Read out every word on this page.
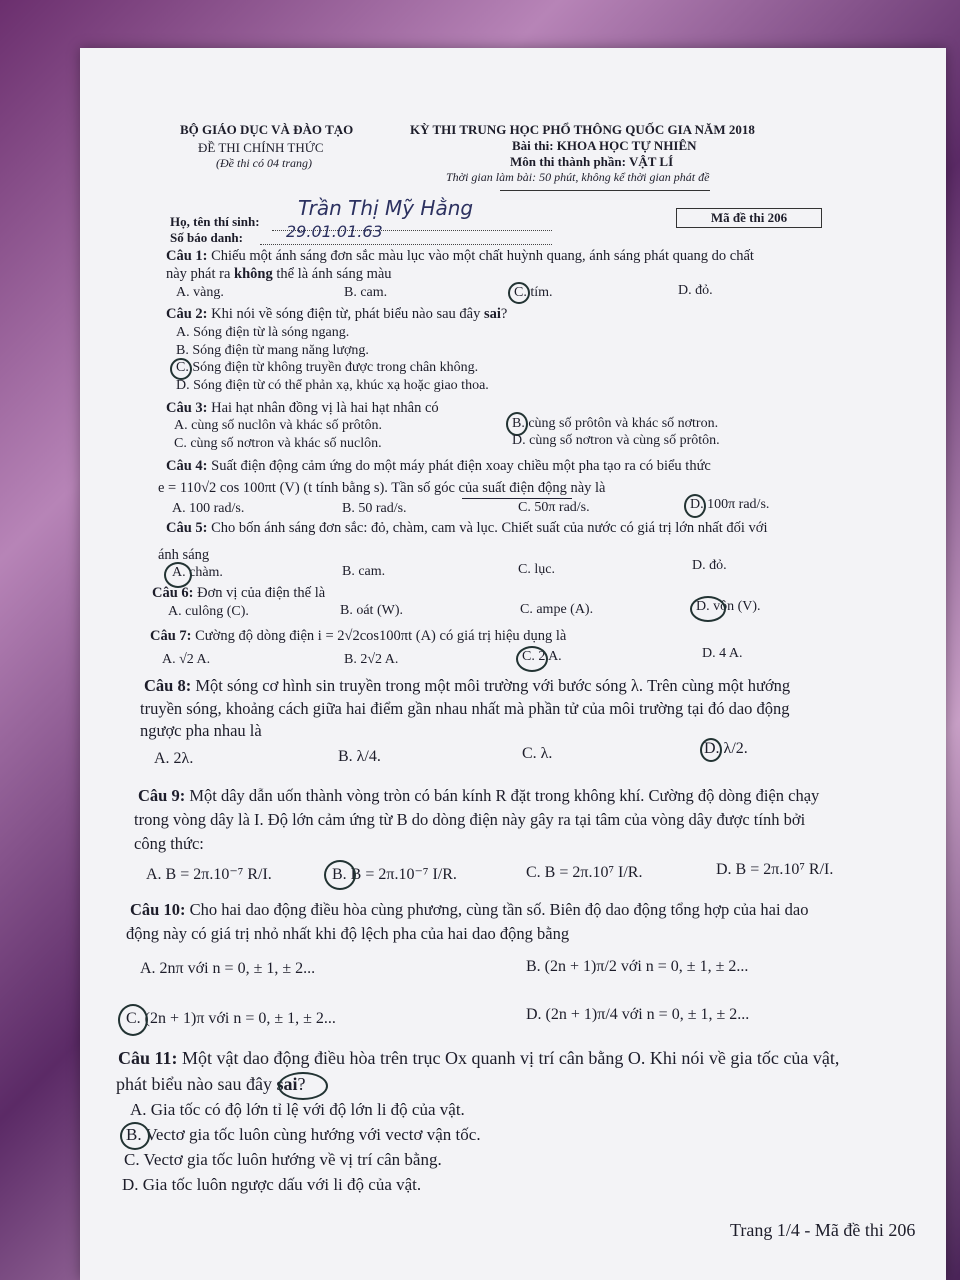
BỘ GIÁO DỤC VÀ ĐÀO TẠO
ĐỀ THI CHÍNH THỨC
(Đề thi có 04 trang)
KỲ THI TRUNG HỌC PHỔ THÔNG QUỐC GIA NĂM 2018
Bài thi: KHOA HỌC TỰ NHIÊN
Môn thi thành phần: VẬT LÍ
Thời gian làm bài: 50 phút, không kể thời gian phát đề
Họ, tên thí sinh:
Trần Thị Mỹ Hằng
Số báo danh:	29.01.01.63
Mã đề thi 206
Câu 1: Chiếu một ánh sáng đơn sắc màu lục vào một chất huỳnh quang, ánh sáng phát quang do chất
này phát ra không thể là ánh sáng màu
A. vàng.	B. cam.	C. tím.	D. đỏ.
Câu 2: Khi nói về sóng điện từ, phát biểu nào sau đây sai?
A. Sóng điện từ là sóng ngang.
B. Sóng điện từ mang năng lượng.
C. Sóng điện từ không truyền được trong chân không.
D. Sóng điện từ có thể phản xạ, khúc xạ hoặc giao thoa.
Câu 3: Hai hạt nhân đồng vị là hai hạt nhân có
A. cùng số nuclôn và khác số prôtôn.	B. cùng số prôtôn và khác số nơtron.
C. cùng số nơtron và khác số nuclôn.	D. cùng số nơtron và cùng số prôtôn.
Câu 4: Suất điện động cảm ứng do một máy phát điện xoay chiều một pha tạo ra có biểu thức
e = 110√2 cos 100πt (V) (t tính bằng s). Tần số góc của suất điện động này là
A. 100 rad/s.	B. 50 rad/s.	C. 50π rad/s.	D. 100π rad/s.
Câu 5: Cho bốn ánh sáng đơn sắc: đỏ, chàm, cam và lục. Chiết suất của nước có giá trị lớn nhất đối với
ánh sáng
A. chàm.	B. cam.	C. lục.	D. đỏ.
Câu 6: Đơn vị của điện thế là
A. culông (C).	B. oát (W).	C. ampe (A).	D. vôn (V).
Câu 7: Cường độ dòng điện i = 2√2cos100πt (A) có giá trị hiệu dụng là
A. √2 A.	B. 2√2 A.	C. 2 A.	D. 4 A.
Câu 8: Một sóng cơ hình sin truyền trong một môi trường với bước sóng λ. Trên cùng một hướng
truyền sóng, khoảng cách giữa hai điểm gần nhau nhất mà phần tử của môi trường tại đó dao động
ngược pha nhau là
A. 2λ.	B. λ/4.	C. λ.	D. λ/2.
Câu 9: Một dây dẫn uốn thành vòng tròn có bán kính R đặt trong không khí. Cường độ dòng điện chạy
trong vòng dây là I. Độ lớn cảm ứng từ B do dòng điện này gây ra tại tâm của vòng dây được tính bởi
công thức:
A. B = 2π.10⁻⁷ R/I.	B. B = 2π.10⁻⁷ I/R.	C. B = 2π.10⁷ I/R.	D. B = 2π.10⁷ R/I.
Câu 10: Cho hai dao động điều hòa cùng phương, cùng tần số. Biên độ dao động tổng hợp của hai dao
động này có giá trị nhỏ nhất khi độ lệch pha của hai dao động bằng
A. 2nπ với n = 0, ± 1, ± 2...	B. (2n + 1)π/2 với n = 0, ± 1, ± 2...
C. (2n + 1)π với n = 0, ± 1, ± 2...	D. (2n + 1)π/4 với n = 0, ± 1, ± 2...
Câu 11: Một vật dao động điều hòa trên trục Ox quanh vị trí cân bằng O. Khi nói về gia tốc của vật,
phát biểu nào sau đây sai?
A. Gia tốc có độ lớn tỉ lệ với độ lớn li độ của vật.
B. Vectơ gia tốc luôn cùng hướng với vectơ vận tốc.
C. Vectơ gia tốc luôn hướng về vị trí cân bằng.
D. Gia tốc luôn ngược dấu với li độ của vật.
Trang 1/4 - Mã đề thi 206
